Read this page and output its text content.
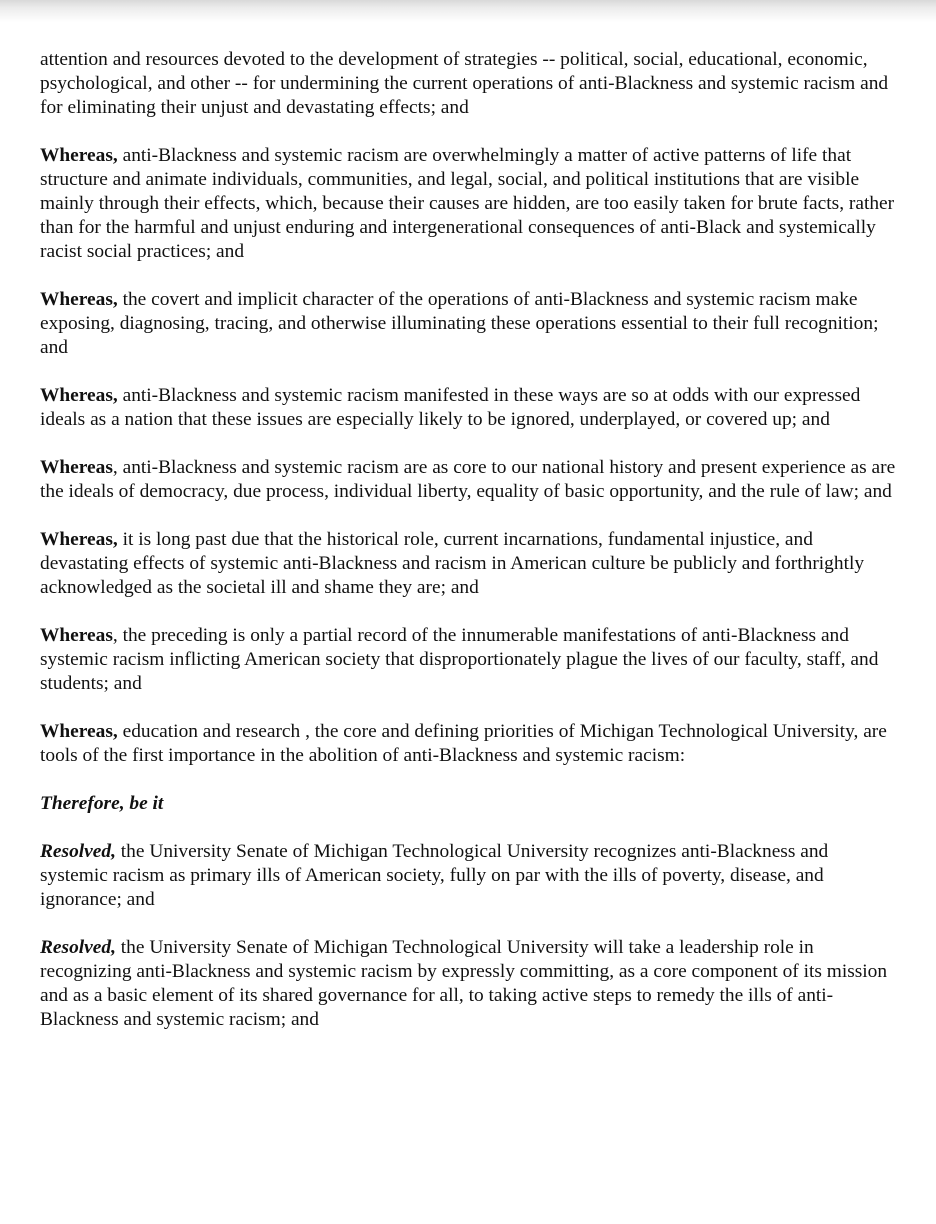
attention and resources devoted to the development of strategies -- political, social, educational, economic, psychological, and other -- for undermining the current operations of anti-Blackness and systemic racism and for eliminating their unjust and devastating effects; and

Whereas, anti-Blackness and systemic racism are overwhelmingly a matter of active patterns of life that structure and animate individuals, communities, and legal, social, and political institutions that are visible mainly through their effects, which, because their causes are hidden, are too easily taken for brute facts, rather than for the harmful and unjust enduring and intergenerational consequences of anti-Black and systemically racist social practices; and

Whereas, the covert and implicit character of the operations of anti-Blackness and systemic racism make exposing, diagnosing, tracing, and otherwise illuminating these operations essential to their full recognition; and

Whereas, anti-Blackness and systemic racism manifested in these ways are so at odds with our expressed ideals as a nation that these issues are especially likely to be ignored, underplayed, or covered up; and

Whereas, anti-Blackness and systemic racism are as core to our national history and present experience as are the ideals of democracy, due process, individual liberty, equality of basic opportunity, and the rule of law; and

Whereas, it is long past due that the historical role, current incarnations, fundamental injustice, and devastating effects of systemic anti-Blackness and racism in American culture be publicly and forthrightly acknowledged as the societal ill and shame they are; and

Whereas, the preceding is only a partial record of the innumerable manifestations of anti-Blackness and systemic racism inflicting American society that disproportionately plague the lives of our faculty, staff, and students; and

Whereas, education and research , the core and defining priorities of Michigan Technological University, are tools of the first importance in the abolition of anti-Blackness and systemic racism:

Therefore, be it

Resolved, the University Senate of Michigan Technological University recognizes anti-Blackness and systemic racism as primary ills of American society, fully on par with the ills of poverty, disease, and ignorance; and

Resolved, the University Senate of Michigan Technological University will take a leadership role in recognizing anti-Blackness and systemic racism by expressly committing, as a core component of its mission and as a basic element of its shared governance for all, to taking active steps to remedy the ills of anti-Blackness and systemic racism; and
